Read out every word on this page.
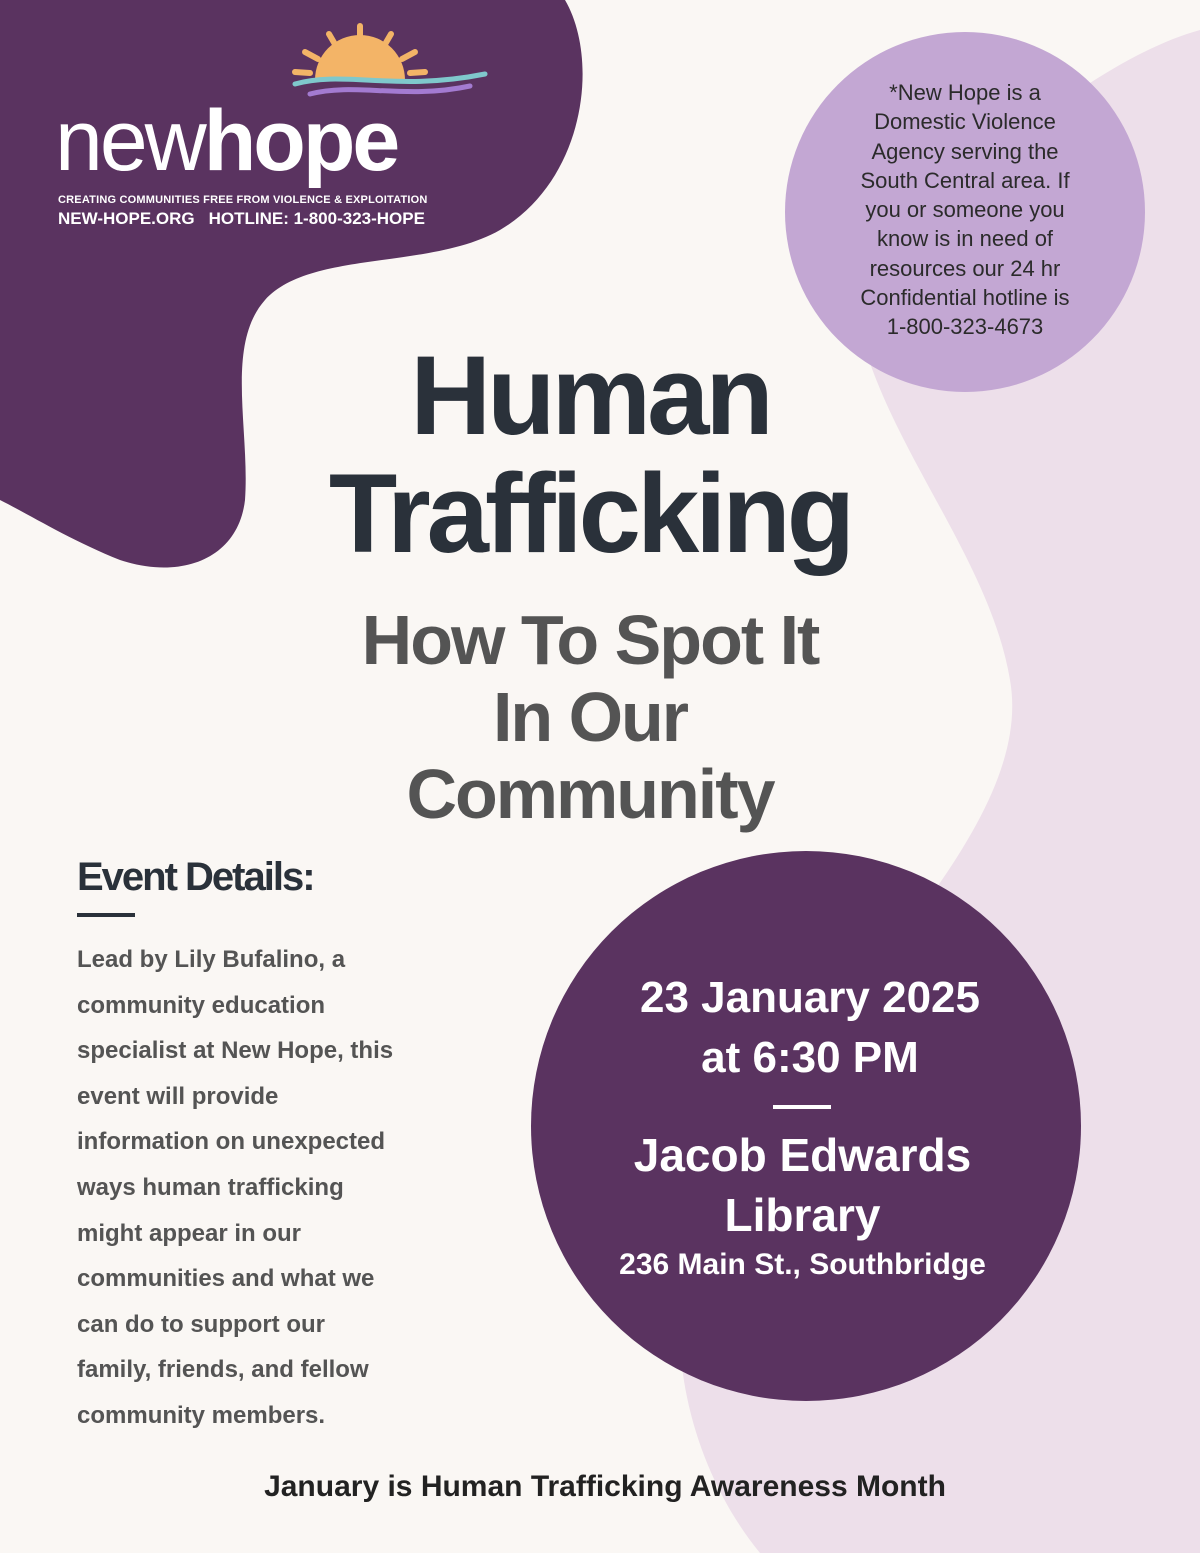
newhope
CREATING COMMUNITIES FREE FROM VIOLENCE & EXPLOITATION
NEW-HOPE.ORG HOTLINE: 1-800-323-HOPE
*New Hope is a
Domestic Violence
Agency serving the
South Central area. If
you or someone you
know is in need of
resources our 24 hr
Confidential hotline is
1-800-323-4673
Human
Trafficking
How To Spot It
In Our
Community
Event Details:
Lead by Lily Bufalino, a
community education
specialist at New Hope, this
event will provide
information on unexpected
ways human trafficking
might appear in our
communities and what we
can do to support our
family, friends, and fellow
community members.
23 January 2025
at 6:30 PM
Jacob Edwards
Library
236 Main St., Southbridge
January is Human Trafficking Awareness Month
